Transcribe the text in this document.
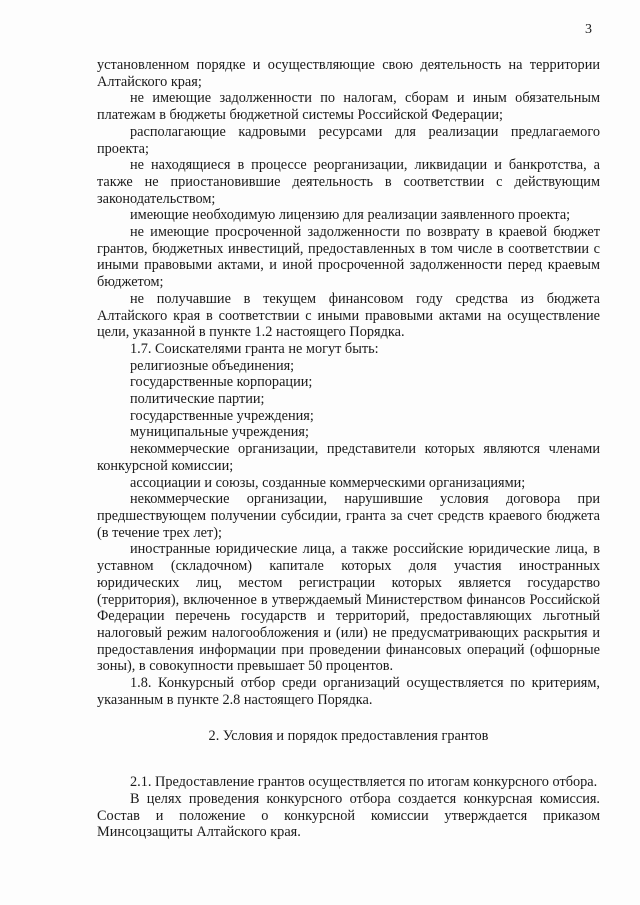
3

установленном порядке и осуществляющие свою деятельность на территории Алтайского края;

не имеющие задолженности по налогам, сборам и иным обязательным платежам в бюджеты бюджетной системы Российской Федерации;

располагающие кадровыми ресурсами для реализации предлагаемого проекта;

не находящиеся в процессе реорганизации, ликвидации и банкротства, а также не приостановившие деятельность в соответствии с действующим законодательством;

имеющие необходимую лицензию для реализации заявленного проекта;

не имеющие просроченной задолженности по возврату в краевой бюджет грантов, бюджетных инвестиций, предоставленных в том числе в соответствии с иными правовыми актами, и иной просроченной задолженности перед краевым бюджетом;

не получавшие в текущем финансовом году средства из бюджета Алтайского края в соответствии с иными правовыми актами на осуществление цели, указанной в пункте 1.2 настоящего Порядка.

1.7. Соискателями гранта не могут быть:

религиозные объединения;

государственные корпорации;

политические партии;

государственные учреждения;

муниципальные учреждения;

некоммерческие организации, представители которых являются членами конкурсной комиссии;

ассоциации и союзы, созданные коммерческими организациями;

некоммерческие организации, нарушившие условия договора при предшествующем получении субсидии, гранта за счет средств краевого бюджета (в течение трех лет);

иностранные юридические лица, а также российские юридические лица, в уставном (складочном) капитале которых доля участия иностранных юридических лиц, местом регистрации которых является государство (территория), включенное в утверждаемый Министерством финансов Российской Федерации перечень государств и территорий, предоставляющих льготный налоговый режим налогообложения и (или) не предусматривающих раскрытия и предоставления информации при проведении финансовых операций (офшорные зоны), в совокупности превышает 50 процентов.

1.8. Конкурсный отбор среди организаций осуществляется по критериям, указанным в пункте 2.8 настоящего Порядка.

2. Условия и порядок предоставления грантов

2.1. Предоставление грантов осуществляется по итогам конкурсного отбора.

В целях проведения конкурсного отбора создается конкурсная комиссия. Состав и положение о конкурсной комиссии утверждается приказом Минсоцзащиты Алтайского края.
